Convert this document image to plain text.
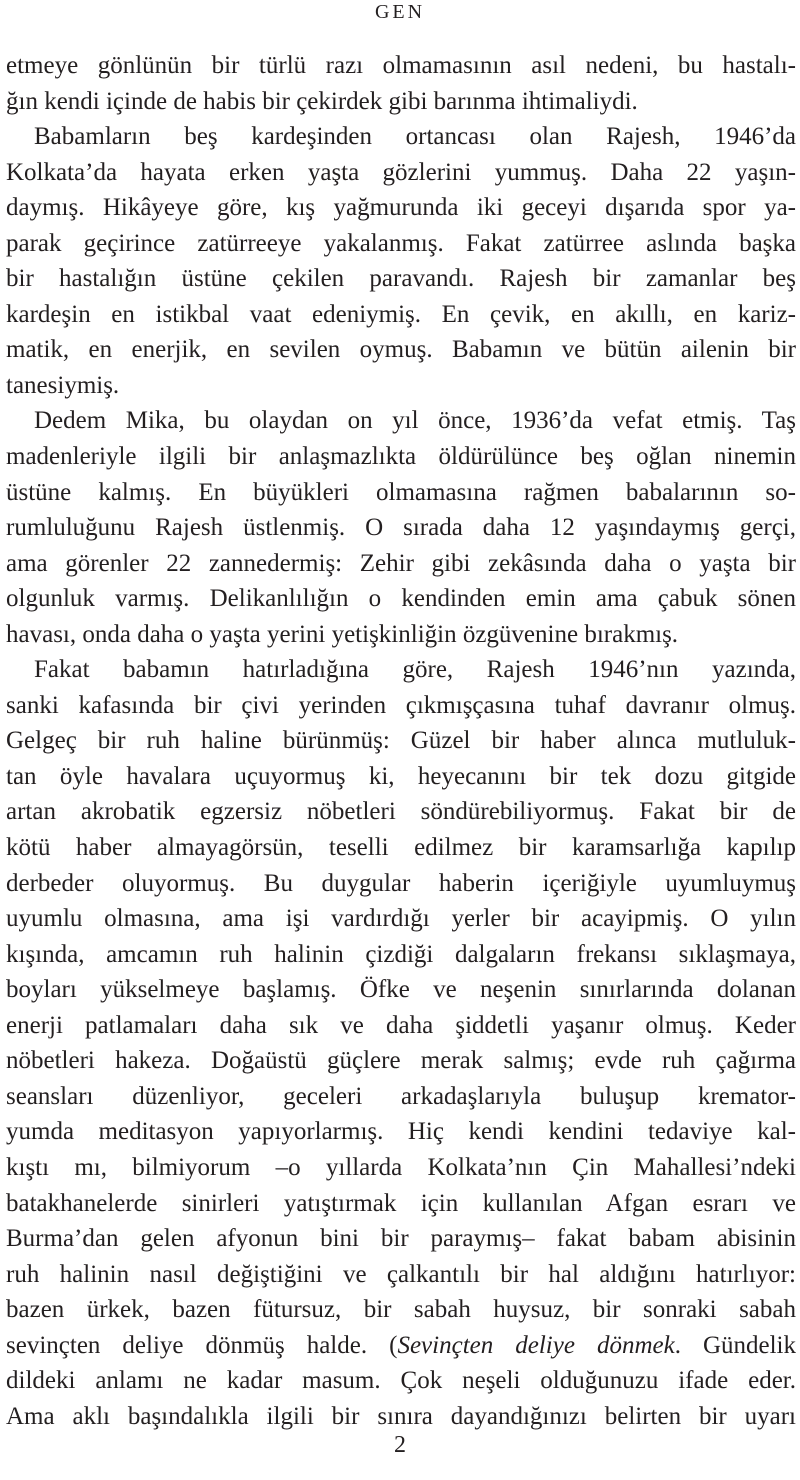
GEN
etmeye gönlünün bir türlü razı olmamasının asıl nedeni, bu hastalı-
ğın kendi içinde de habis bir çekirdek gibi barınma ihtimaliydi.
Babamların beş kardeşinden ortancası olan Rajesh, 1946’da
Kolkata’da hayata erken yaşta gözlerini yummuş. Daha 22 yaşın-
daymış. Hikâyeye göre, kış yağmurunda iki geceyi dışarıda spor ya-
parak geçirince zatürreeye yakalanmış. Fakat zatürree aslında başka
bir hastalığın üstüne çekilen paravandı. Rajesh bir zamanlar beş
kardeşin en istikbal vaat edeniymiş. En çevik, en akıllı, en kariz-
matik, en enerjik, en sevilen oymuş. Babamın ve bütün ailenin bir
tanesiymiş.
Dedem Mika, bu olaydan on yıl önce, 1936’da vefat etmiş. Taş
madenleriyle ilgili bir anlaşmazlıkta öldürülünce beş oğlan ninemin
üstüne kalmış. En büyükleri olmamasına rağmen babalarının so-
rumluluğunu Rajesh üstlenmiş. O sırada daha 12 yaşındaymış gerçi,
ama görenler 22 zannedermiş: Zehir gibi zekâsında daha o yaşta bir
olgunluk varmış. Delikanlılığın o kendinden emin ama çabuk sönen
havası, onda daha o yaşta yerini yetişkinliğin özgüvenine bırakmış.
Fakat babamın hatırladığına göre, Rajesh 1946’nın yazında,
sanki kafasında bir çivi yerinden çıkmışçasına tuhaf davranır olmuş.
Gelgeç bir ruh haline bürünmüş: Güzel bir haber alınca mutluluk-
tan öyle havalara uçuyormuş ki, heyecanını bir tek dozu gitgide
artan akrobatik egzersiz nöbetleri söndürebiliyormuş. Fakat bir de
kötü haber almayagörsün, teselli edilmez bir karamsarlığa kapılıp
derbeder oluyormuş. Bu duygular haberin içeriğiyle uyumluymuş
uyumlu olmasına, ama işi vardırdığı yerler bir acayipmiş. O yılın
kışında, amcamın ruh halinin çizdiği dalgaların frekansı sıklaşmaya,
boyları yükselmeye başlamış. Öfke ve neşenin sınırlarında dolanan
enerji patlamaları daha sık ve daha şiddetli yaşanır olmuş. Keder
nöbetleri hakeza. Doğaüstü güçlere merak salmış; evde ruh çağırma
seansları düzenliyor, geceleri arkadaşlarıyla buluşup kremator-
yumda meditasyon yapıyorlarmış. Hiç kendi kendini tedaviye kal-
kıştı mı, bilmiyorum –o yıllarda Kolkata’nın Çin Mahallesi’ndeki
batakhanelerde sinirleri yatıştırmak için kullanılan Afgan esrarı ve
Burma’dan gelen afyonun bini bir paraymış– fakat babam abisinin
ruh halinin nasıl değiştiğini ve çalkantılı bir hal aldığını hatırlıyor:
bazen ürkek, bazen fütursuz, bir sabah huysuz, bir sonraki sabah
sevinçten deliye dönmüş halde. (Sevinçten deliye dönmek. Gündelik
dildeki anlamı ne kadar masum. Çok neşeli olduğunuzu ifade eder.
Ama aklı başındalıkla ilgili bir sınıra dayandığınızı belirten bir uyarı
2
